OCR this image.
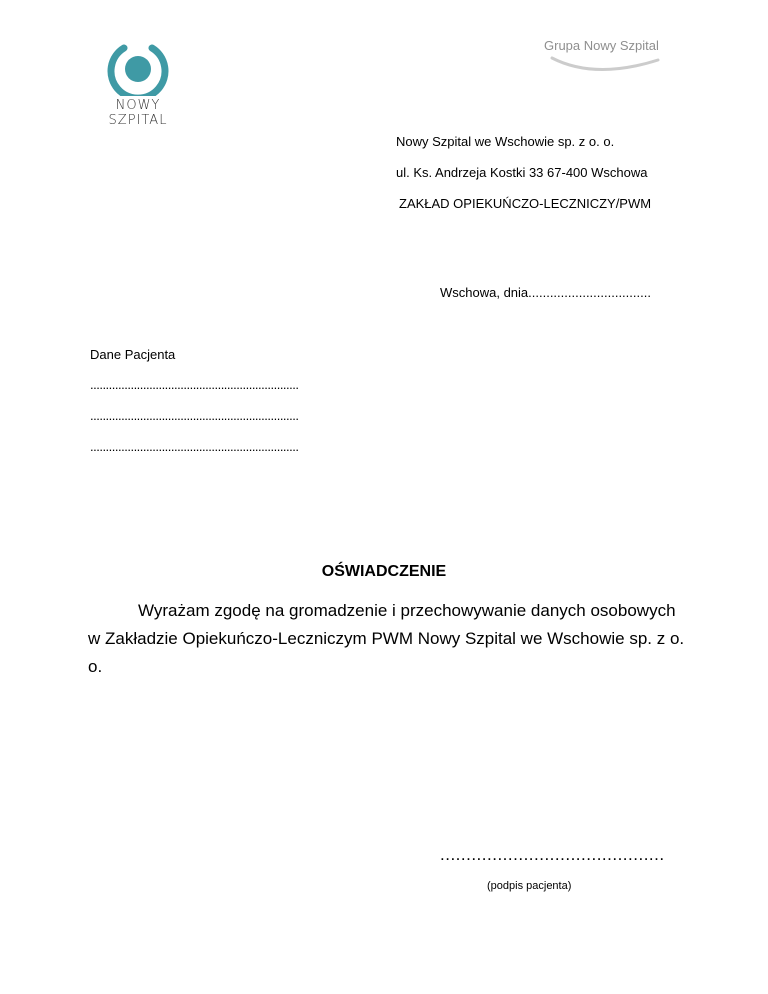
NOWY SZPITAL
Grupa Nowy Szpital
Nowy Szpital we Wschowie sp. z o. o.
ul. Ks. Andrzeja Kostki 33 67-400 Wschowa
ZAKŁAD OPIEKUŃCZO-LECZNICZY/PWM
Wschowa, dnia..................................
Dane Pacjenta
...................................................................
...................................................................
...................................................................
OŚWIADCZENIE
Wyrażam zgodę na gromadzenie i przechowywanie danych osobowych w Zakładzie Opiekuńczo-Leczniczym PWM Nowy Szpital we Wschowie sp. z o. o.
...........................................
(podpis pacjenta)
